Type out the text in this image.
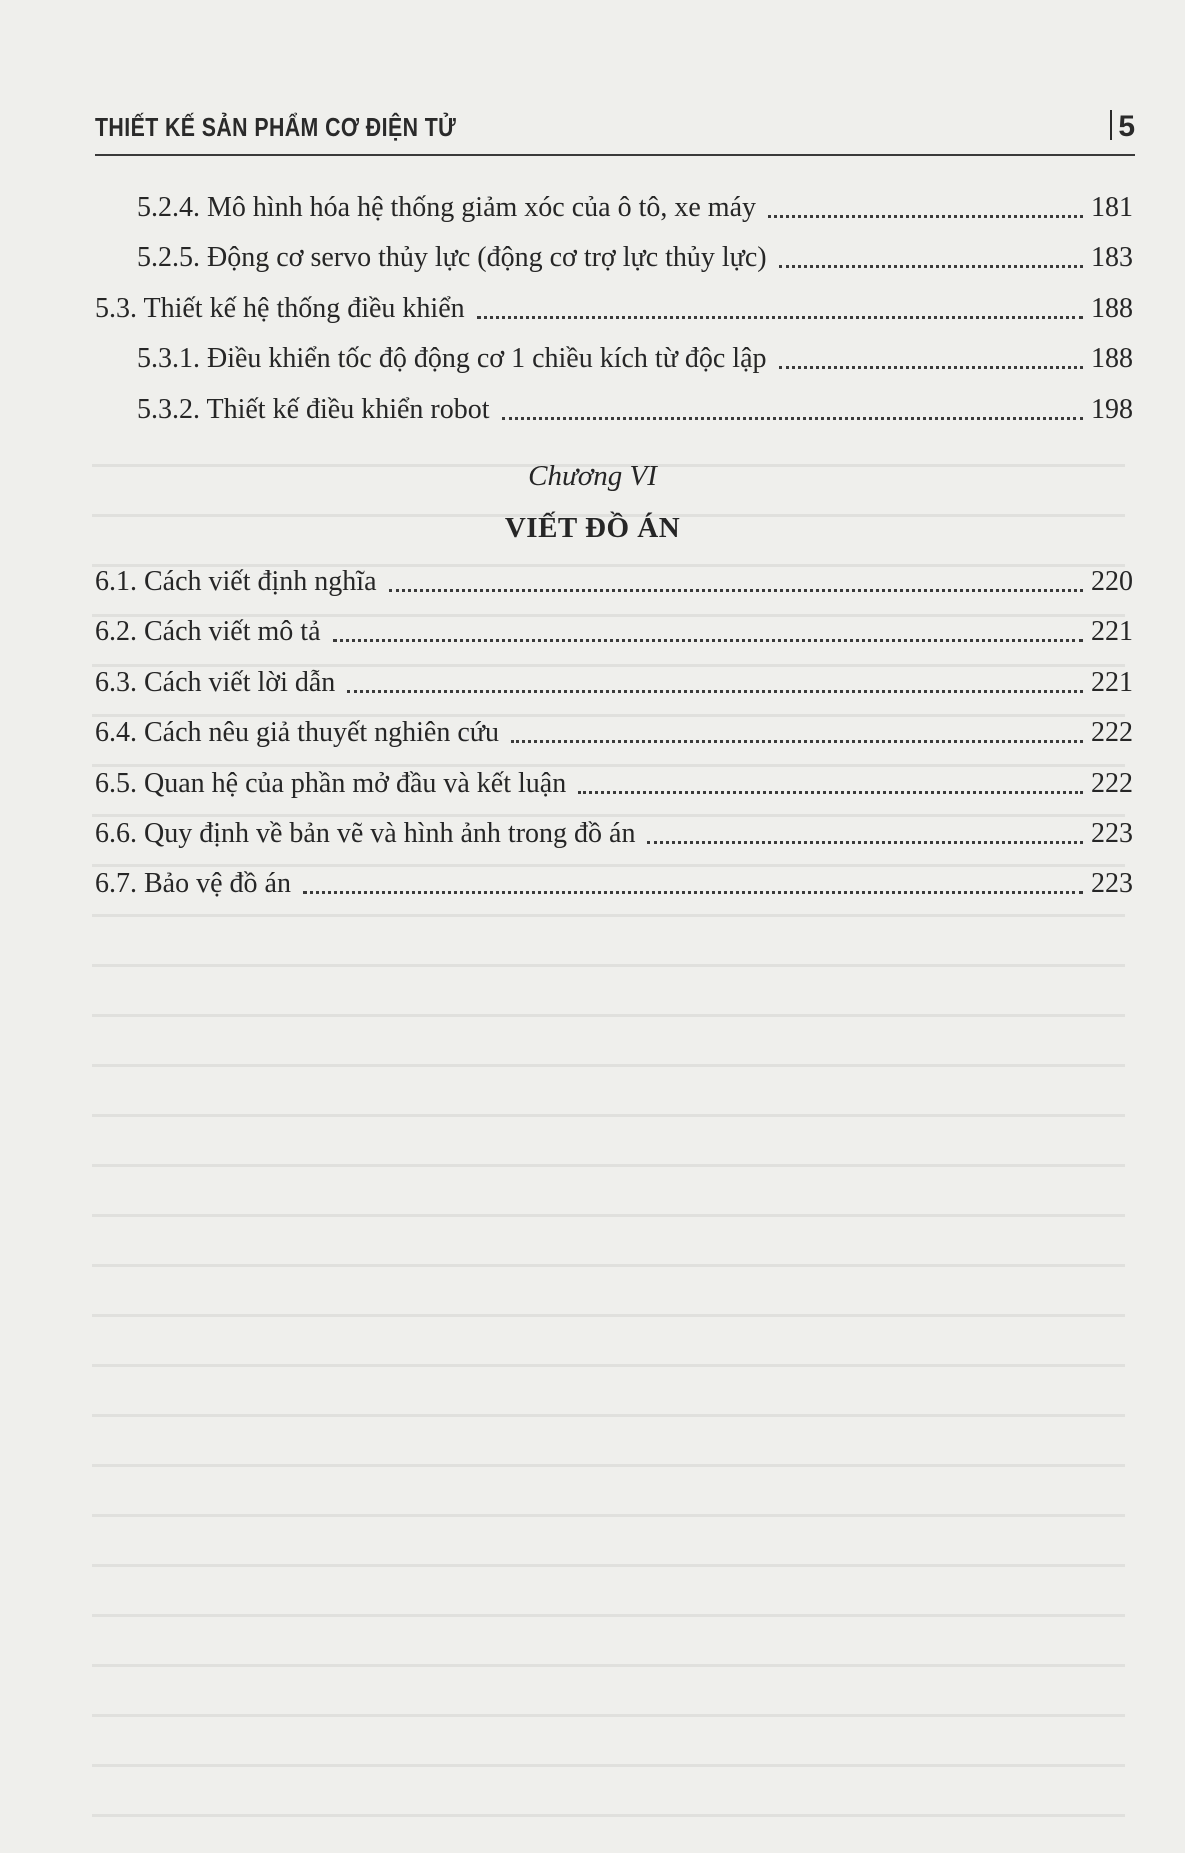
THIẾT KẾ SẢN PHẨM CƠ ĐIỆN TỬ	5
5.2.4. Mô hình hóa hệ thống giảm xóc của ô tô, xe máy	181
5.2.5. Động cơ servo thủy lực (động cơ trợ lực thủy lực)	183
5.3. Thiết kế hệ thống điều khiển	188
5.3.1. Điều khiển tốc độ động cơ 1 chiều kích từ độc lập	188
5.3.2. Thiết kế điều khiển robot	198
Chương VI
VIẾT ĐỒ ÁN
6.1. Cách viết định nghĩa	220
6.2. Cách viết mô tả	221
6.3. Cách viết lời dẫn	221
6.4. Cách nêu giả thuyết nghiên cứu	222
6.5. Quan hệ của phần mở đầu và kết luận	222
6.6. Quy định về bản vẽ và hình ảnh trong đồ án	223
6.7. Bảo vệ đồ án	223
